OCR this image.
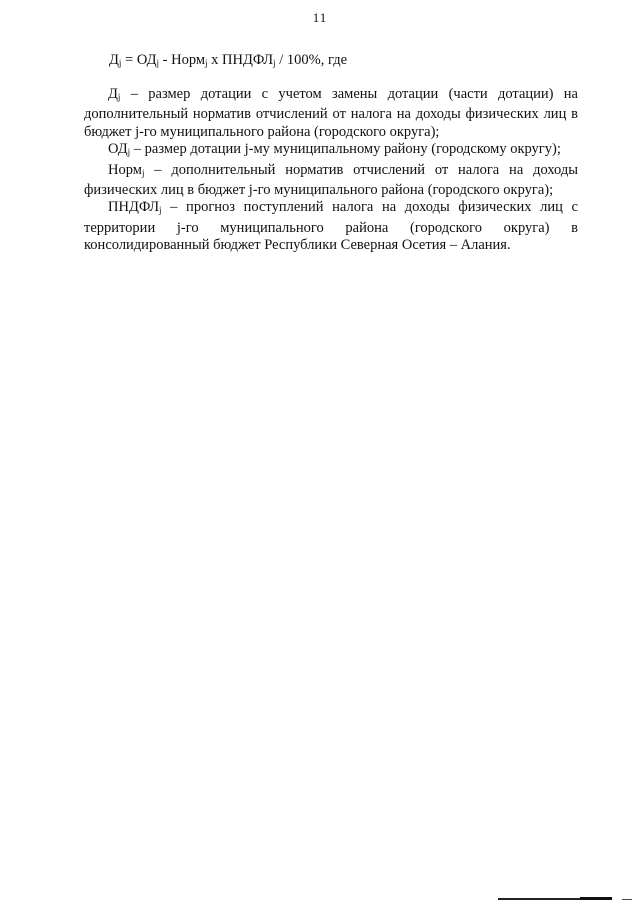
11
$Д_j = ОД_j$ - Норм$_j$ х $ПНДФЛ_j / 100\%$, где

$Д_j$ – размер дотации с учетом замены дотации (части дотации) на дополнительный норматив отчислений от налога на доходы физических лиц в бюджет j-го муниципального района (городского округа);

$ОД_j$ – размер дотации j-му муниципальному району (городскому округу);

Норм$_j$ – дополнительный норматив отчислений от налога на доходы физических лиц в бюджет j-го муниципального района (городского округа);

$ПНДФЛ_j$ – прогноз поступлений налога на доходы физических лиц с территории j-го муниципального района (городского округа) в консолидированный бюджет Республики Северная Осетия – Алания.
